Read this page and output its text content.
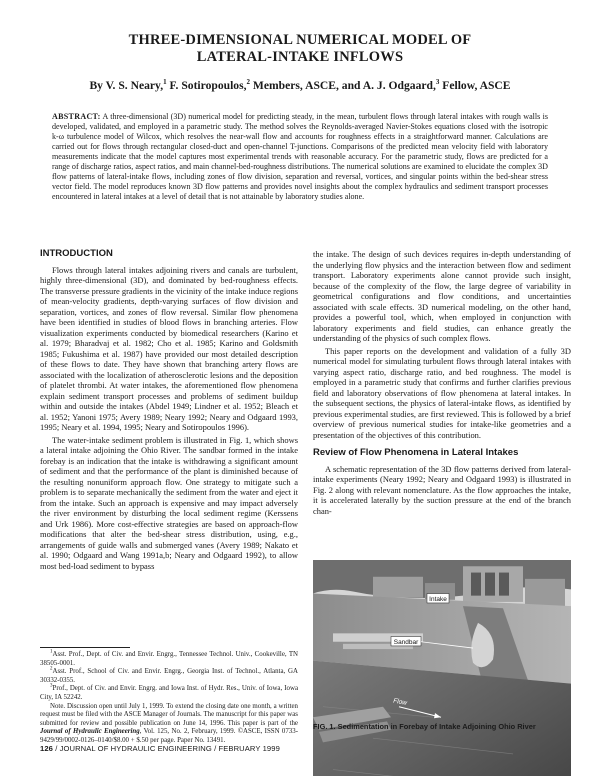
THREE-DIMENSIONAL NUMERICAL MODEL OF
LATERAL-INTAKE INFLOWS
By V. S. Neary,$^1$ F. Sotiropoulos,$^2$ Members, ASCE, and A. J. Odgaard,$^3$ Fellow, ASCE
ABSTRACT: A three-dimensional (3D) numerical model for predicting steady, in the mean, turbulent flows through lateral intakes with rough walls is developed, validated, and employed in a parametric study. The method solves the Reynolds-averaged Navier-Stokes equations closed with the isotropic k-ω turbulence model of Wilcox, which resolves the near-wall flow and accounts for roughness effects in a straightforward manner. Calculations are carried out for flows through rectangular closed-duct and open-channel T-junctions. Comparisons of the predicted mean velocity field with laboratory measurements indicate that the model captures most experimental trends with reasonable accuracy. For the parametric study, flows are predicted for a range of discharge ratios, aspect ratios, and main channel-bed-roughness distributions. The numerical solutions are examined to elucidate the complex 3D flow patterns of lateral-intake flows, including zones of flow division, separation and reversal, vortices, and singular points within the bed-shear stress vector field. The model reproduces known 3D flow patterns and provides novel insights about the complex hydraulics and sediment transport processes encountered in lateral intakes at a level of detail that is not attainable by laboratory studies alone.
INTRODUCTION

Flows through lateral intakes adjoining rivers and canals are turbulent, highly three-dimensional (3D), and dominated by bed-roughness effects. The transverse pressure gradients in the vicinity of the intake induce regions of mean-velocity gradients, depth-varying surfaces of flow division and separation, vortices, and zones of flow reversal. Similar flow phenomena have been identified in studies of blood flows in branching arteries. Flow visualization experiments conducted by biomedical researchers (Karino et al. 1979; Bharadvaj et al. 1982; Cho et al. 1985; Karino and Goldsmith 1985; Fukushima et al. 1987) have provided our most detailed description of these flows to date. They have shown that branching artery flows are associated with the localization of atherosclerotic lesions and the deposition of platelet thrombi. At water intakes, the aforementioned flow phenomena explain sediment transport processes and problems of sediment buildup within and outside the intakes (Abdel 1949; Lindner et al. 1952; Bleach et al. 1952; Yanoni 1975; Avery 1989; Neary 1992; Neary and Odgaard 1993, 1995; Neary et al. 1994, 1995; Neary and Sotiropoulos 1996).

The water-intake sediment problem is illustrated in Fig. 1, which shows a lateral intake adjoining the Ohio River. The sandbar formed in the intake forebay is an indication that the intake is withdrawing a significant amount of sediment and that the performance of the plant is diminished because of the resulting nonuniform approach flow. One strategy to mitigate such a problem is to separate mechanically the sediment from the water and eject it from the intake. Such an approach is expensive and may impact adversely the river environment by disturbing the local sediment regime (Kerssens and Urk 1986). More cost-effective strategies are based on approach-flow modifications that alter the bed-shear stress distribution, using, e.g., arrangements of guide walls and submerged vanes (Avery 1989; Nakato et al. 1990; Odgaard and Wang 1991a,b; Neary and Odgaard 1992), to allow most bed-load sediment to bypass

the intake. The design of such devices requires in-depth understanding of the underlying flow physics and the interaction between flow and sediment transport. Laboratory experiments alone cannot provide such insight, because of the complexity of the flow, the large degree of variability in geometrical configurations and flow conditions, and uncertainties associated with scale effects. 3D numerical modeling, on the other hand, provides a powerful tool, which, when employed in conjunction with laboratory experiments and field studies, can enhance greatly the understanding of the physics of such complex flows.

This paper reports on the development and validation of a fully 3D numerical model for simulating turbulent flows through lateral intakes with varying aspect ratio, discharge ratio, and bed roughness. The model is employed in a parametric study that confirms and further clarifies previous field and laboratory observations of flow phenomena at lateral intakes. In the subsequent sections, the physics of lateral-intake flows, as identified by previous experimental studies, are first reviewed. This is followed by a brief overview of previous numerical studies for intake-like geometries and a presentation of the objectives of this contribution.

Review of Flow Phenomena in Lateral Intakes

A schematic representation of the 3D flow patterns derived from lateral-intake experiments (Neary 1992; Neary and Odgaard 1993) is illustrated in Fig. 2 along with relevant nomenclature. As the flow approaches the intake, it is accelerated laterally by the suction pressure at the end of the branch chan-

Intake
Sandbar
Flow
FIG. 1. Sedimentation in Forebay of Intake Adjoining Ohio River

$^1$Asst. Prof., Dept. of Civ. and Envir. Engrg., Tennessee Technol. Univ., Cookeville, TN 38505-0001.

$^2$Asst. Prof., School of Civ. and Envir. Engrg., Georgia Inst. of Technol., Atlanta, GA 30332-0355.

$^3$Prof., Dept. of Civ. and Envir. Engrg. and Iowa Inst. of Hydr. Res., Univ. of Iowa, Iowa City, IA 52242.

Note. Discussion open until July 1, 1999. To extend the closing date one month, a written request must be filed with the ASCE Manager of Journals. The manuscript for this paper was submitted for review and possible publication on June 14, 1996. This paper is part of the Journal of Hydraulic Engineering, Vol. 125, No. 2, February, 1999. ©ASCE, ISSN 0733-9429/99/0002-0126–0140/$8.00 + $.50 per page. Paper No. 13491.

126 / JOURNAL OF HYDRAULIC ENGINEERING / FEBRUARY 1999
